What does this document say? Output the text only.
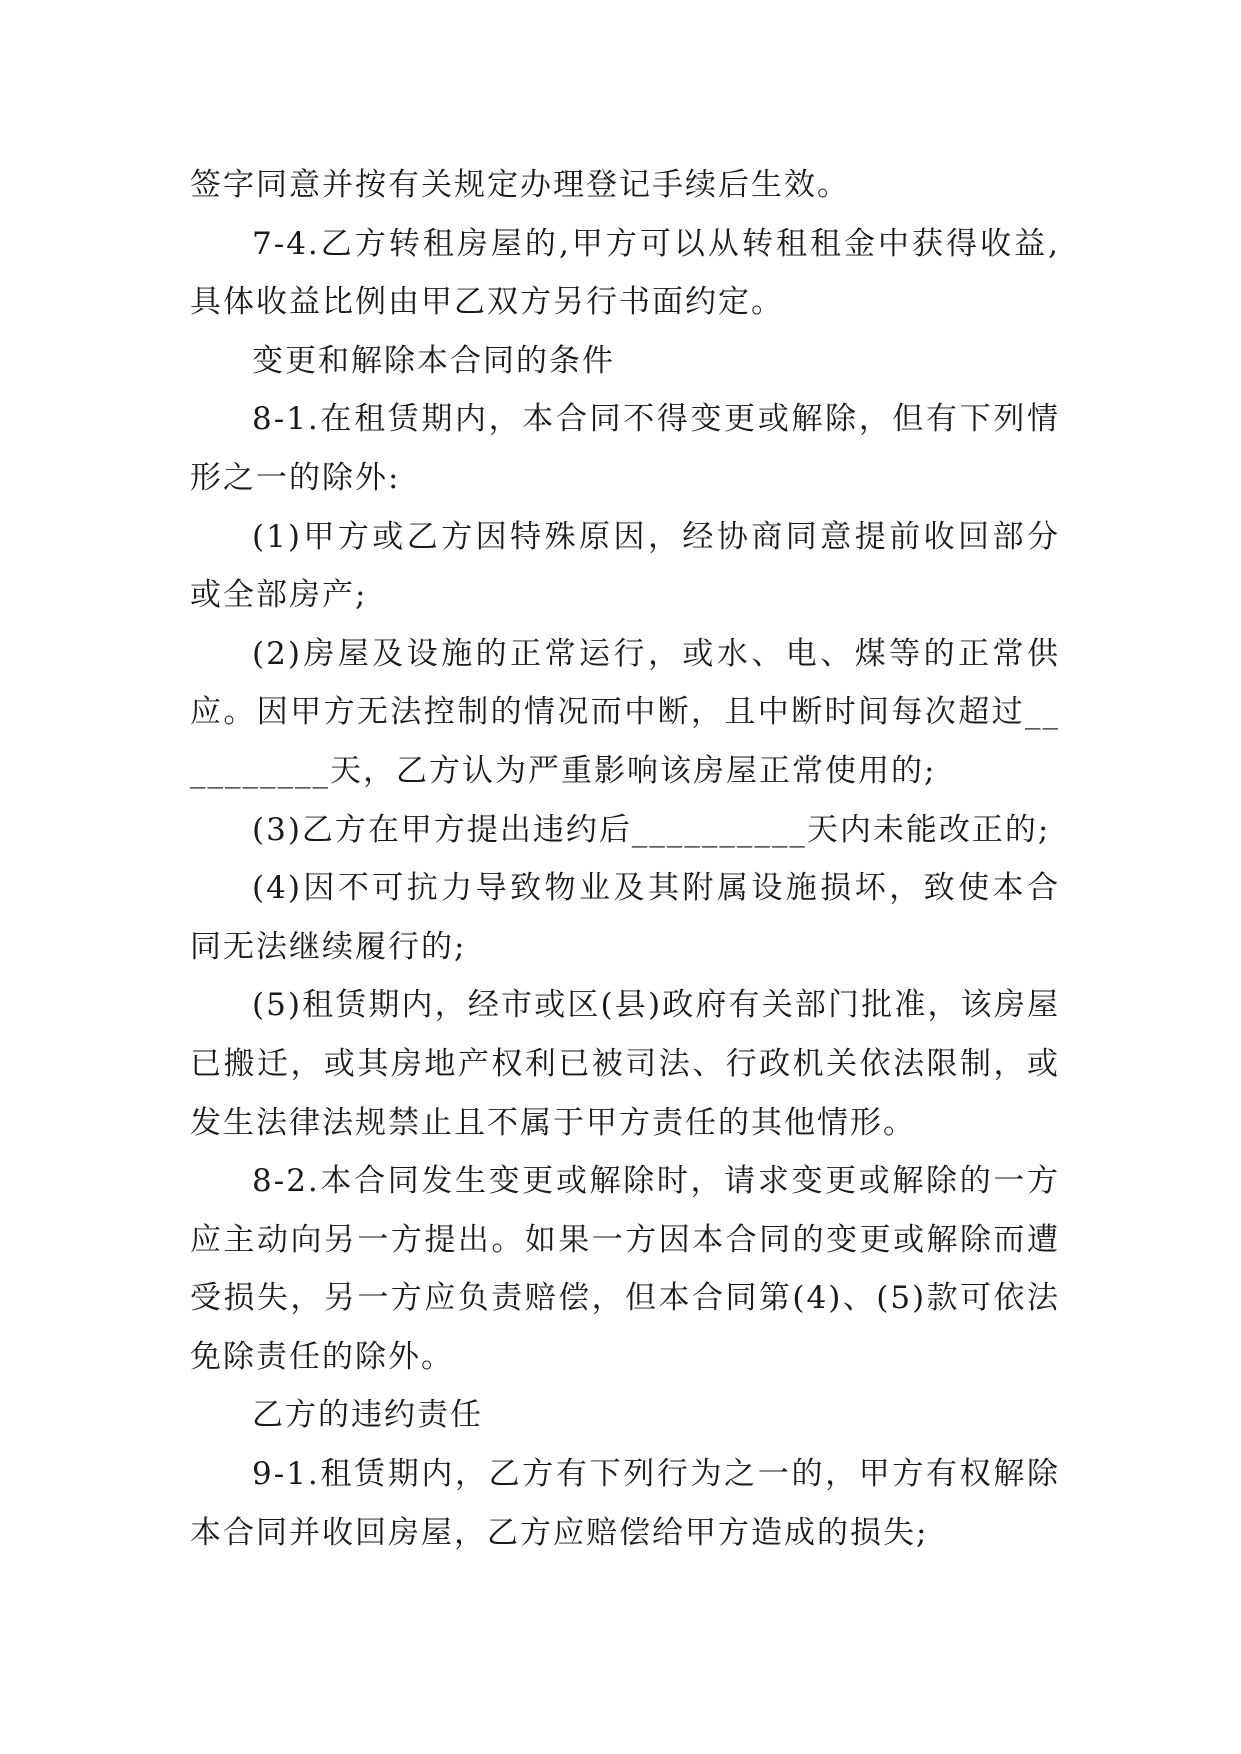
签字同意并按有关规定办理登记手续后生效。

7-4.乙方转租房屋的,甲方可以从转租租金中获得收益,具体收益比例由甲乙双方另行书面约定。

变更和解除本合同的条件

8-1.在租赁期内，本合同不得变更或解除，但有下列情形之一的除外:

(1)甲方或乙方因特殊原因，经协商同意提前收回部分或全部房产;

(2)房屋及设施的正常运行，或水、电、煤等的正常供应。因甲方无法控制的情况而中断，且中断时间每次超过__________天，乙方认为严重影响该房屋正常使用的;

(3)乙方在甲方提出违约后__________天内未能改正的;

(4)因不可抗力导致物业及其附属设施损坏，致使本合同无法继续履行的;

(5)租赁期内，经市或区(县)政府有关部门批准，该房屋已搬迁，或其房地产权利已被司法、行政机关依法限制，或发生法律法规禁止且不属于甲方责任的其他情形。

8-2.本合同发生变更或解除时，请求变更或解除的一方应主动向另一方提出。如果一方因本合同的变更或解除而遭受损失，另一方应负责赔偿，但本合同第(4)、(5)款可依法免除责任的除外。

乙方的违约责任

9-1.租赁期内，乙方有下列行为之一的，甲方有权解除本合同并收回房屋，乙方应赔偿给甲方造成的损失;
